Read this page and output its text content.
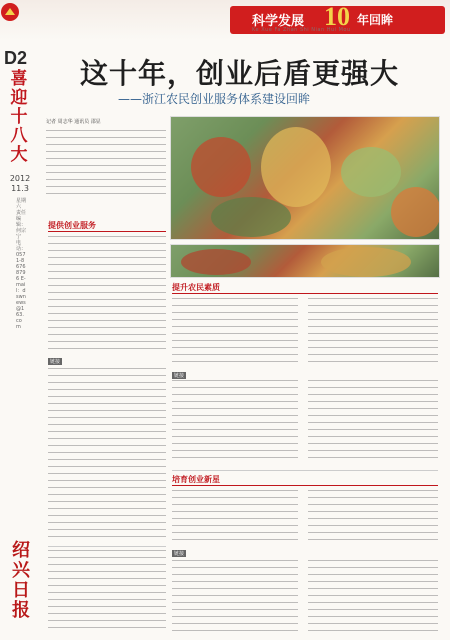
科学发展 10 年回眸
Ke Xue Fa Zhan Shi Nian Hui Mou
D2
喜迎十八大
2012
11.3
星期六 责任编辑：何宗宁 电话：0571-86768796 E-mail：dswnews@163.com
绍兴日报
这十年，创业后盾更强大
——浙江农民创业服务体系建设回眸
记者 周志华 通讯员 邵显
提供创业服务
链接
提升农民素质
链接
培育创业新星
链接
